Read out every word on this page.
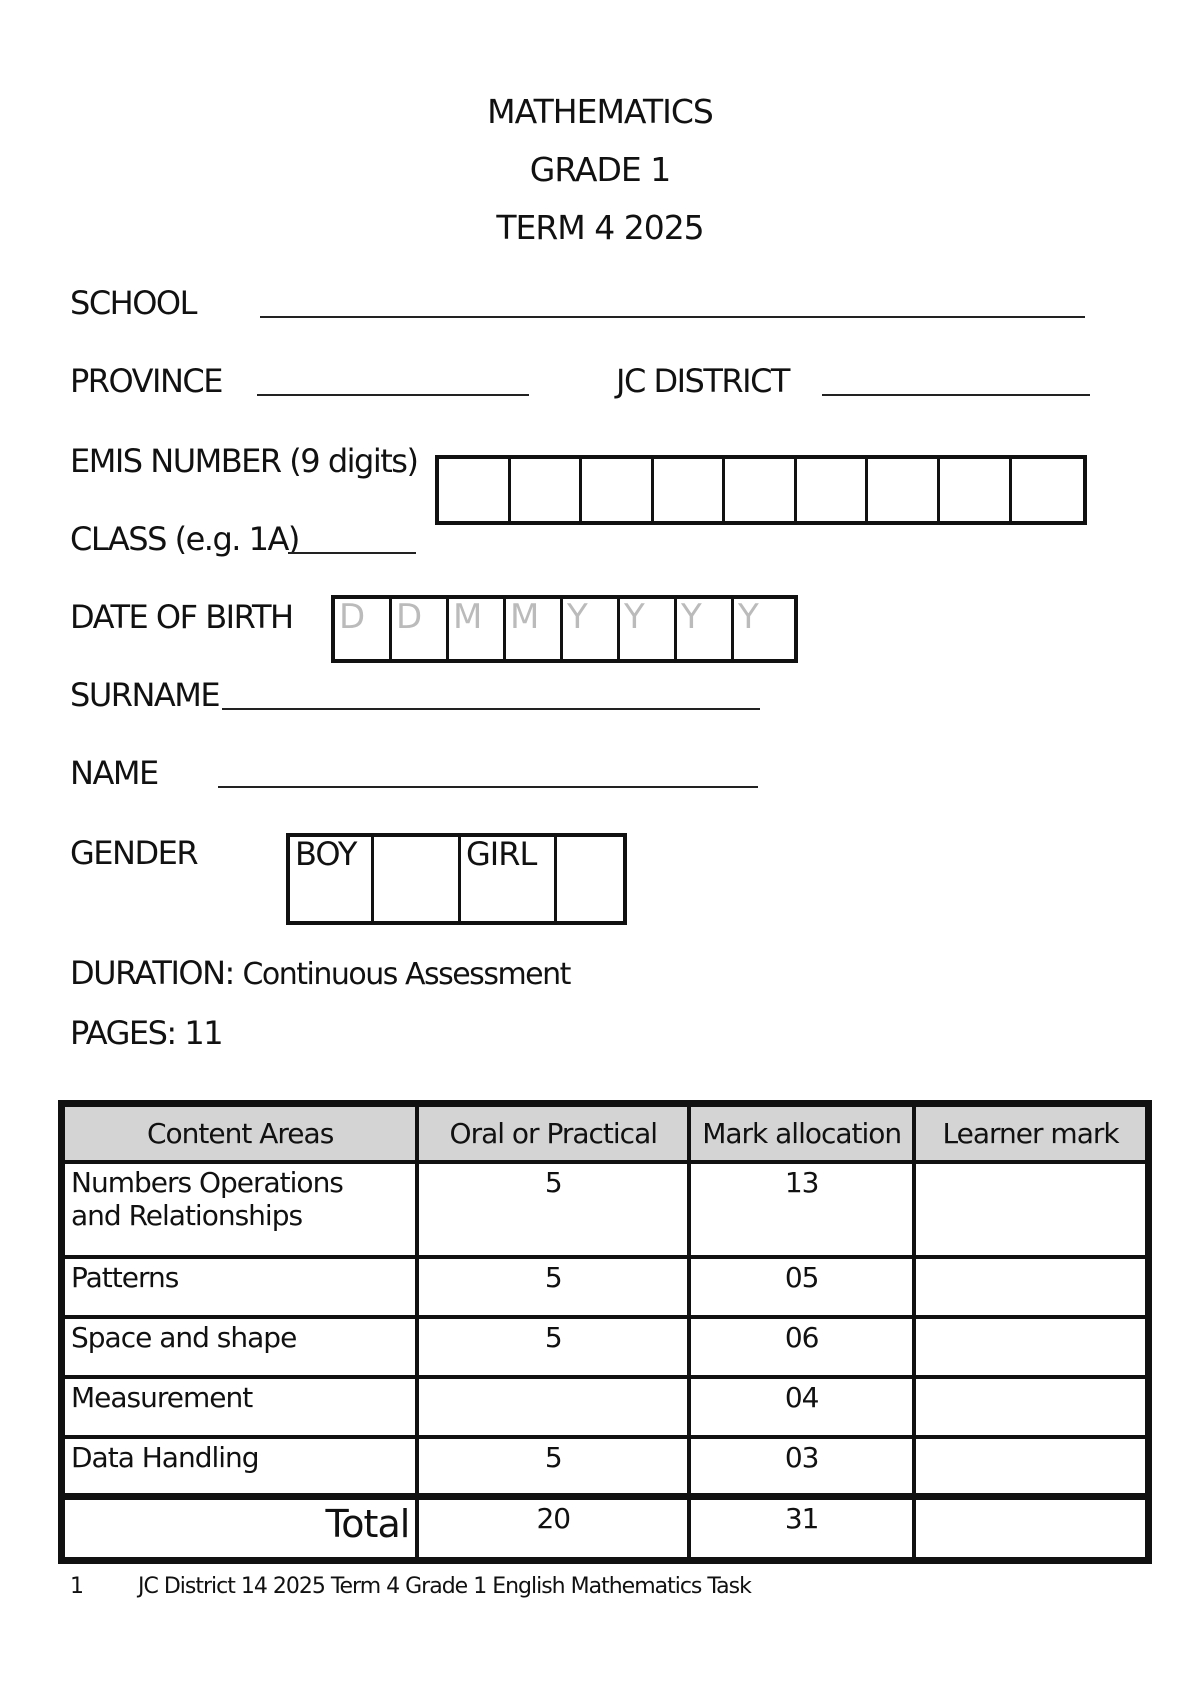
MATHEMATICS
GRADE 1
TERM 4 2025
SCHOOL
PROVINCE	JC DISTRICT
EMIS NUMBER (9 digits)
CLASS (e.g. 1A)
DATE OF BIRTH D D M M Y Y Y Y
SURNAME
NAME
GENDER	BOY	GIRL
DURATION: Continuous Assessment
PAGES: 11
Content Areas	Oral or Practical	Mark allocation	Learner mark

Numbers Operations
and Relationships	5	13	
Patterns	5	05	
Space and shape	5	06	
Measurement		04	
Data Handling	5	03	
Total	20	31	
1	JC District 14 2025 Term 4 Grade 1 English Mathematics Task
